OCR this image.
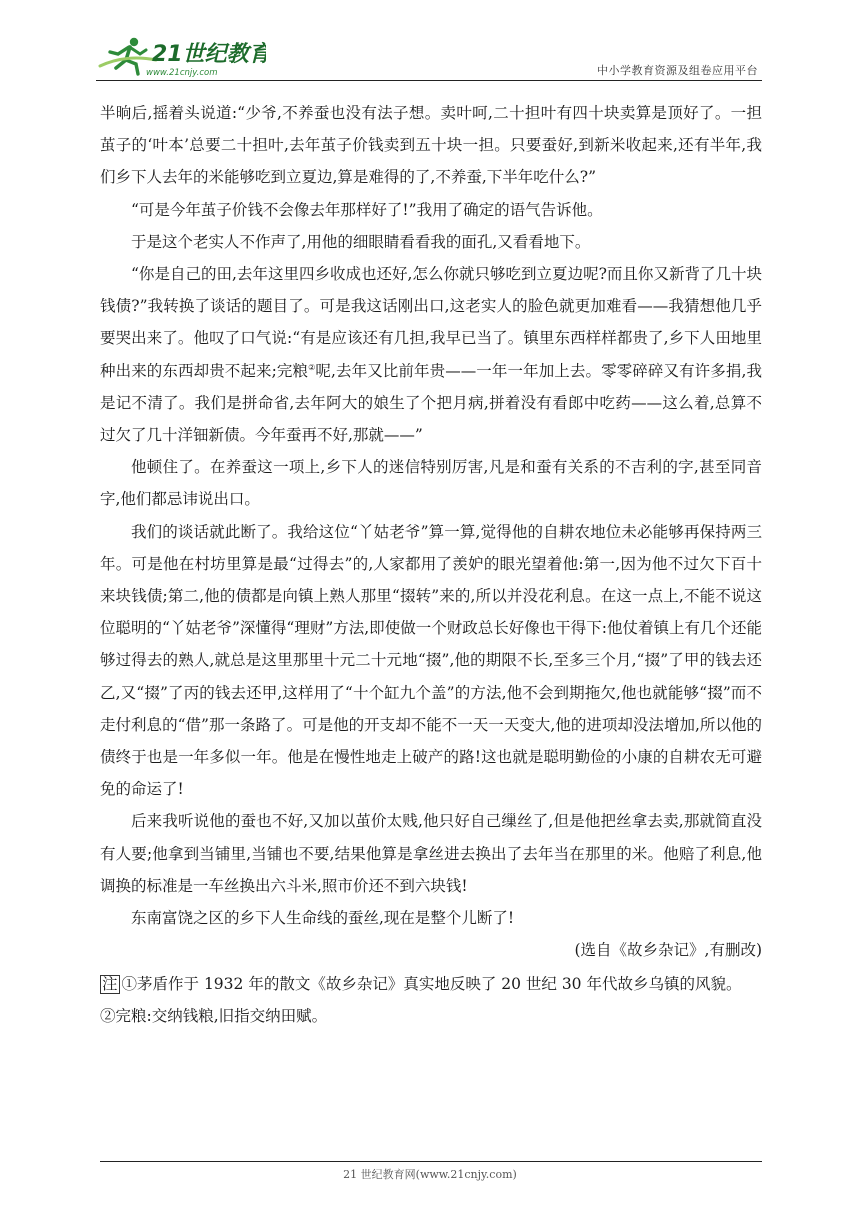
21世纪教育
www.21cnjy.com	中小学教育资源及组卷应用平台

半晌后,摇着头说道:“少爷,不养蚕也没有法子想。卖叶呵,二十担叶有四十块卖算是顶好了。一担茧子的‘叶本’总要二十担叶,去年茧子价钱卖到五十块一担。只要蚕好,到新米收起来,还有半年,我们乡下人去年的米能够吃到立夏边,算是难得的了,不养蚕,下半年吃什么?”

“可是今年茧子价钱不会像去年那样好了!”我用了确定的语气告诉他。

于是这个老实人不作声了,用他的细眼睛看看我的面孔,又看看地下。

“你是自己的田,去年这里四乡收成也还好,怎么你就只够吃到立夏边呢?而且你又新背了几十块钱债?”我转换了谈话的题目了。可是我这话刚出口,这老实人的脸色就更加难看——我猜想他几乎要哭出来了。他叹了口气说:“有是应该还有几担,我早已当了。镇里东西样样都贵了,乡下人田地里种出来的东西却贵不起来;完粮②呢,去年又比前年贵——一年一年加上去。零零碎碎又有许多捐,我是记不清了。我们是拼命省,去年阿大的娘生了个把月病,拼着没有看郎中吃药——这么着,总算不过欠了几十洋钿新债。今年蚕再不好,那就——”

他顿住了。在养蚕这一项上,乡下人的迷信特别厉害,凡是和蚕有关系的不吉利的字,甚至同音字,他们都忌讳说出口。

我们的谈话就此断了。我给这位“丫姑老爷”算一算,觉得他的自耕农地位未必能够再保持两三年。可是他在村坊里算是最“过得去”的,人家都用了羡妒的眼光望着他:第一,因为他不过欠下百十来块钱债;第二,他的债都是向镇上熟人那里“掇转”来的,所以并没花利息。在这一点上,不能不说这位聪明的“丫姑老爷”深懂得“理财”方法,即使做一个财政总长好像也干得下:他仗着镇上有几个还能够过得去的熟人,就总是这里那里十元二十元地“掇”,他的期限不长,至多三个月,“掇”了甲的钱去还乙,又“掇”了丙的钱去还甲,这样用了“十个缸九个盖”的方法,他不会到期拖欠,他也就能够“掇”而不走付利息的“借”那一条路了。可是他的开支却不能不一天一天变大,他的进项却没法增加,所以他的债终于也是一年多似一年。他是在慢性地走上破产的路!这也就是聪明勤俭的小康的自耕农无可避免的命运了!

后来我听说他的蚕也不好,又加以茧价太贱,他只好自己缫丝了,但是他把丝拿去卖,那就简直没有人要;他拿到当铺里,当铺也不要,结果他算是拿丝进去换出了去年当在那里的米。他赔了利息,他调换的标准是一车丝换出六斗米,照市价还不到六块钱!

东南富饶之区的乡下人生命线的蚕丝,现在是整个儿断了!

(选自《故乡杂记》,有删改)

注 ①茅盾作于 1932 年的散文《故乡杂记》真实地反映了 20 世纪 30 年代故乡乌镇的风貌。

②完粮:交纳钱粮,旧指交纳田赋。

21 世纪教育网(www.21cnjy.com)
